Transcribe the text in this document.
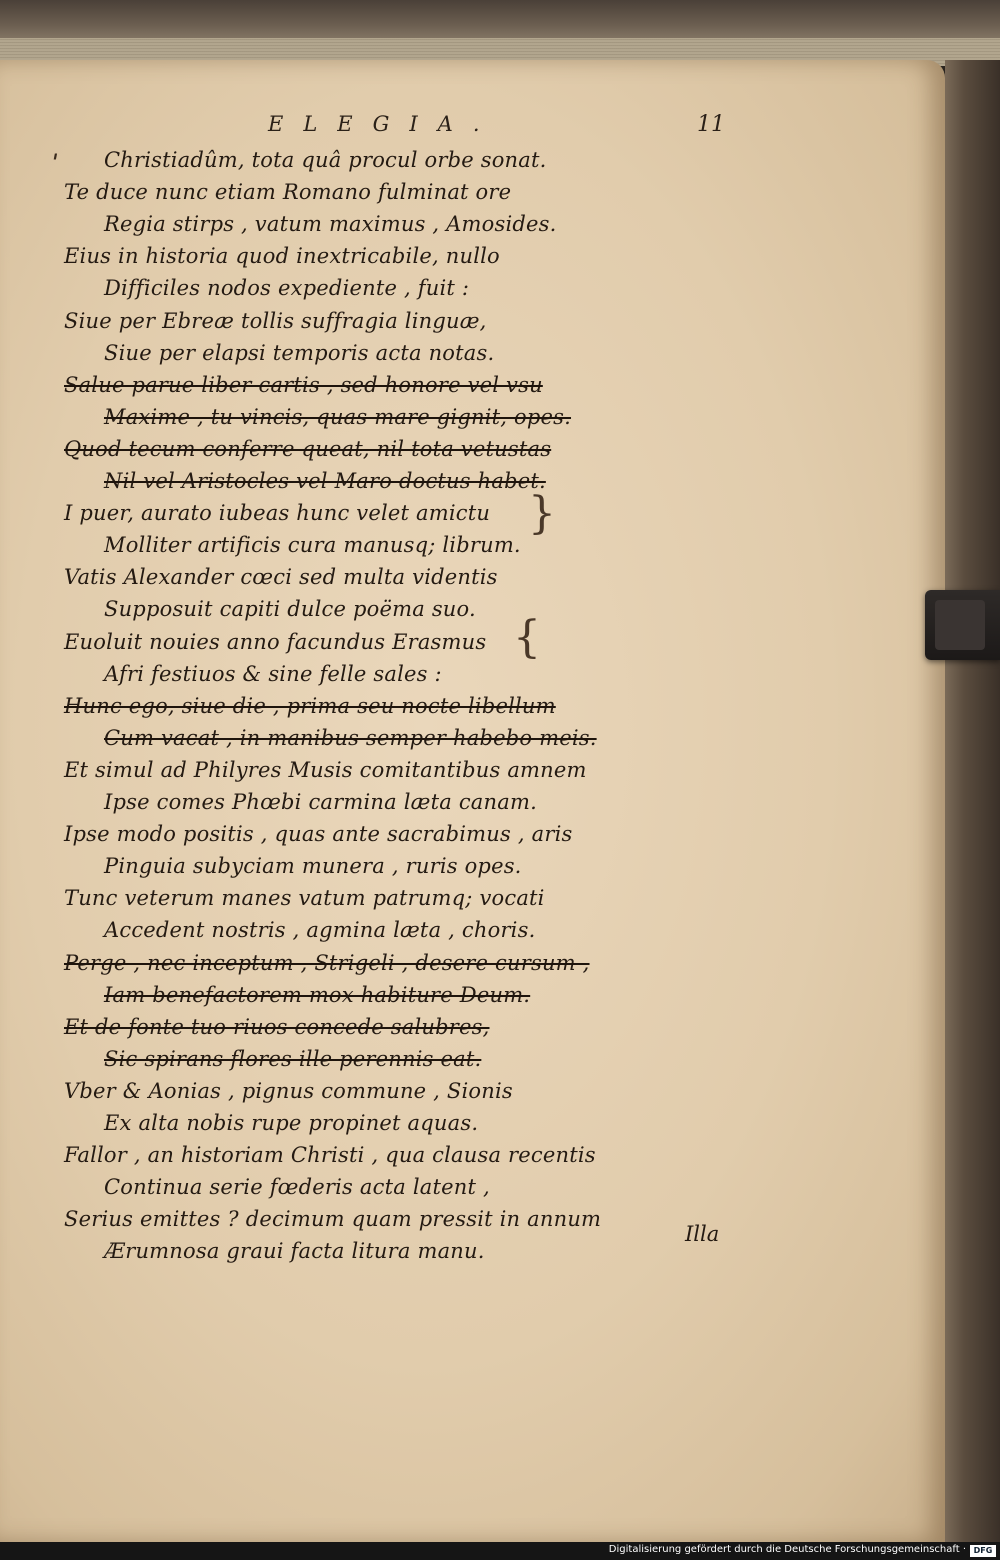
ELEGIA.	11
ˈ Christiadûm, tota quâ procul orbe sonat.
Te duce nunc etiam Romano fulminat ore
Regia stirps , vatum maximus , Amosides.
Eius in historia quod inextricabile, nullo
Difficiles nodos expediente , fuit :
Siue per Ebreæ tollis suffragia linguæ,
Siue per elapsi temporis acta notas.
Salue parue liber cartis , sed honore vel vsu
Maxime , tu vincis, quas mare gignit, opes.
Quod tecum conferre queat, nil tota vetustas
Nil vel Aristocles vel Maro doctus habet.
I puer, aurato iubeas hunc velet amictu
Molliter artificis cura manusq; librum.
Vatis Alexander cœci sed multa videntis
Supposuit capiti dulce poëma suo.
Euoluit nouies anno facundus Erasmus
Afri festiuos & sine felle sales :
Hunc ego, siue die , prima seu nocte libellum
Cum vacat , in manibus semper habebo meis.
Et simul ad Philyres Musis comitantibus amnem
Ipse comes Phœbi carmina læta canam.
Ipse modo positis , quas ante sacrabimus , aris
Pinguia subyciam munera , ruris opes.
Tunc veterum manes vatum patrumq; vocati
Accedent nostris , agmina læta , choris.
Perge , nec inceptum , Strigeli , desere cursum ,
Iam benefactorem mox habiture Deum.
Et de fonte tuo riuos concede salubres,
Sic spirans flores ille perennis eat.
Vber & Aonias , pignus commune , Sionis
Ex alta nobis rupe propinet aquas.
Fallor , an historiam Christi , qua clausa recentis
Continua serie fœderis acta latent ,
Serius emittes ? decimum quam pressit in annum
Ærumnosa graui facta litura manu.
}
{
Illa
Digitalisierung gefördert durch die Deutsche Forschungsgemeinschaft · DFG
